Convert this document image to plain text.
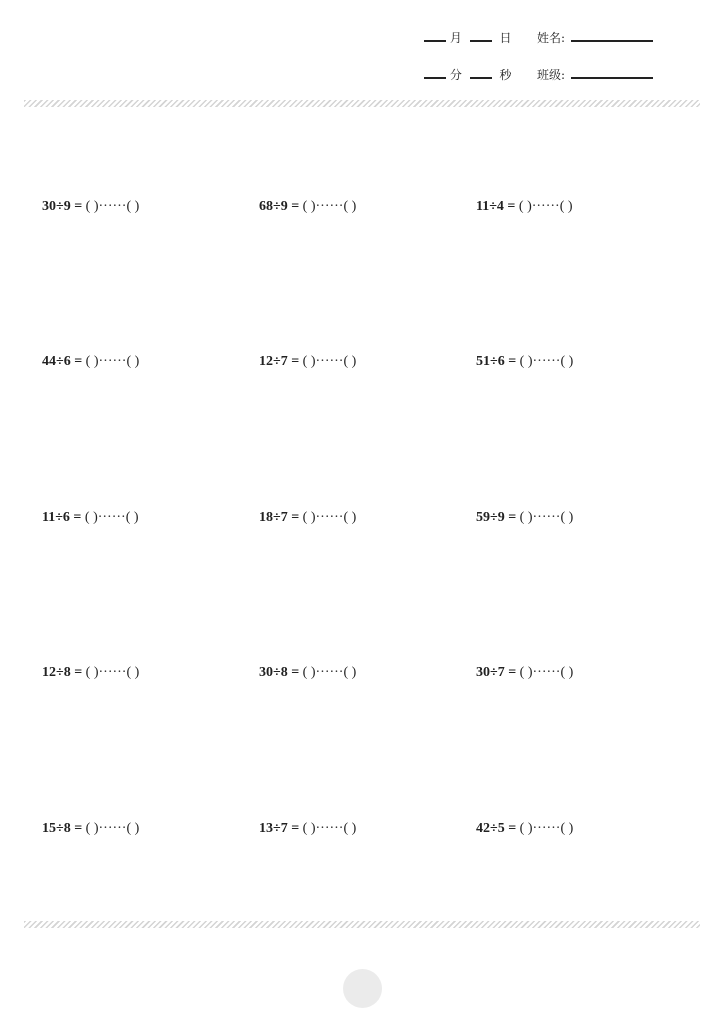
月	日 姓名:
分	秒 班级:
30÷9 = ( )······( )	68÷9 = ( )······( )	11÷4 = ( )······( )
44÷6 = ( )······( )	12÷7 = ( )······( )	51÷6 = ( )······( )
11÷6 = ( )······( )	18÷7 = ( )······( )	59÷9 = ( )······( )
12÷8 = ( )······( )	30÷8 = ( )······( )	30÷7 = ( )······( )
15÷8 = ( )······( )	13÷7 = ( )······( )	42÷5 = ( )······( )
